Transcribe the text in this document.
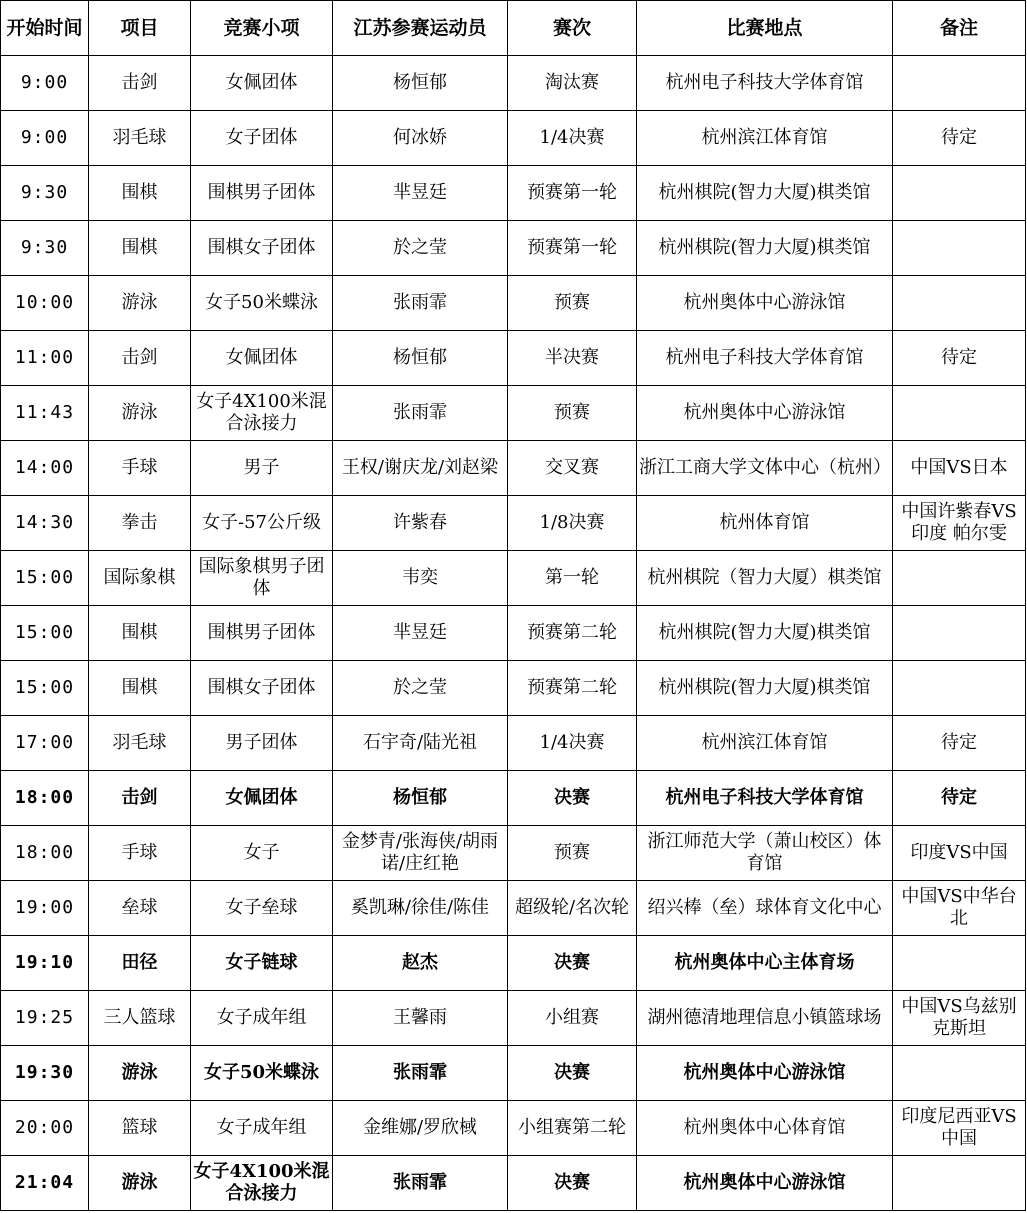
开始时间	项目	竞赛小项	江苏参赛运动员	赛次	比赛地点	备注
9:00	击剑	女佩团体	杨恒郁	淘汰赛	杭州电子科技大学体育馆	
9:00	羽毛球	女子团体	何冰娇	1/4决赛	杭州滨江体育馆	待定
9:30	围棋	围棋男子团体	芈昱廷	预赛第一轮	杭州棋院(智力大厦)棋类馆	
9:30	围棋	围棋女子团体	於之莹	预赛第一轮	杭州棋院(智力大厦)棋类馆	
10:00	游泳	女子50米蝶泳	张雨霏	预赛	杭州奥体中心游泳馆	
11:00	击剑	女佩团体	杨恒郁	半决赛	杭州电子科技大学体育馆	待定
11:43	游泳	女子4X100米混合泳接力	张雨霏	预赛	杭州奥体中心游泳馆	
14:00	手球	男子	王权/谢庆龙/刘赵梁	交叉赛	浙江工商大学文体中心（杭州）	中国VS日本
14:30	拳击	女子-57公斤级	许紫春	1/8决赛	杭州体育馆	中国许紫春VS印度 帕尔雯
15:00	国际象棋	国际象棋男子团体	韦奕	第一轮	杭州棋院（智力大厦）棋类馆	
15:00	围棋	围棋男子团体	芈昱廷	预赛第二轮	杭州棋院(智力大厦)棋类馆	
15:00	围棋	围棋女子团体	於之莹	预赛第二轮	杭州棋院(智力大厦)棋类馆	
17:00	羽毛球	男子团体	石宇奇/陆光祖	1/4决赛	杭州滨江体育馆	待定
18:00	击剑	女佩团体	杨恒郁	决赛	杭州电子科技大学体育馆	待定
18:00	手球	女子	金梦青/张海侠/胡雨诺/庄红艳	预赛	浙江师范大学（萧山校区）体育馆	印度VS中国
19:00	垒球	女子垒球	奚凯琳/徐佳/陈佳	超级轮/名次轮	绍兴棒（垒）球体育文化中心	中国VS中华台北
19:10	田径	女子链球	赵杰	决赛	杭州奥体中心主体育场	
19:25	三人篮球	女子成年组	王馨雨	小组赛	湖州德清地理信息小镇篮球场	中国VS乌兹别克斯坦
19:30	游泳	女子50米蝶泳	张雨霏	决赛	杭州奥体中心游泳馆	
20:00	篮球	女子成年组	金维娜/罗欣棫	小组赛第二轮	杭州奥体中心体育馆	印度尼西亚VS中国
21:04	游泳	女子4X100米混合泳接力	张雨霏	决赛	杭州奥体中心游泳馆	
